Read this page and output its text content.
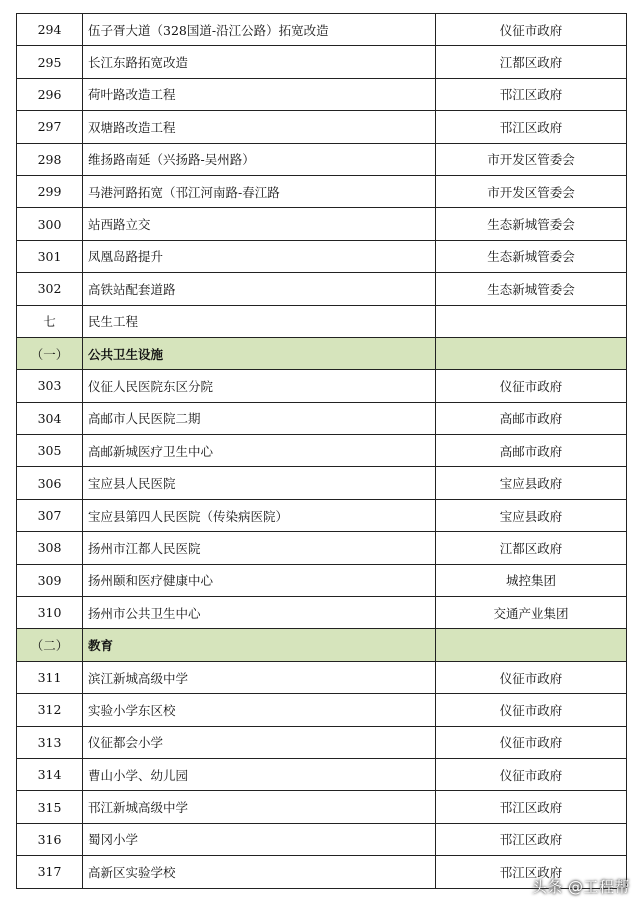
294	伍子胥大道（328国道-沿江公路）拓宽改造	仪征市政府
295	长江东路拓宽改造	江都区政府
296	荷叶路改造工程	邗江区政府
297	双塘路改造工程	邗江区政府
298	维扬路南延（兴扬路-吴州路）	市开发区管委会
299	马港河路拓宽（邗江河南路-春江路	市开发区管委会
300	站西路立交	生态新城管委会
301	凤凰岛路提升	生态新城管委会
302	高铁站配套道路	生态新城管委会
七	民生工程	
（一）	公共卫生设施	
303	仪征人民医院东区分院	仪征市政府
304	高邮市人民医院二期	高邮市政府
305	高邮新城医疗卫生中心	高邮市政府
306	宝应县人民医院	宝应县政府
307	宝应县第四人民医院（传染病医院）	宝应县政府
308	扬州市江都人民医院	江都区政府
309	扬州颐和医疗健康中心	城控集团
310	扬州市公共卫生中心	交通产业集团
（二）	教育	
311	滨江新城高级中学	仪征市政府
312	实验小学东区校	仪征市政府
313	仪征都会小学	仪征市政府
314	曹山小学、幼儿园	仪征市政府
315	邗江新城高级中学	邗江区政府
316	蜀冈小学	邗江区政府
317	高新区实验学校	邗江区政府
头条 @工程帮
